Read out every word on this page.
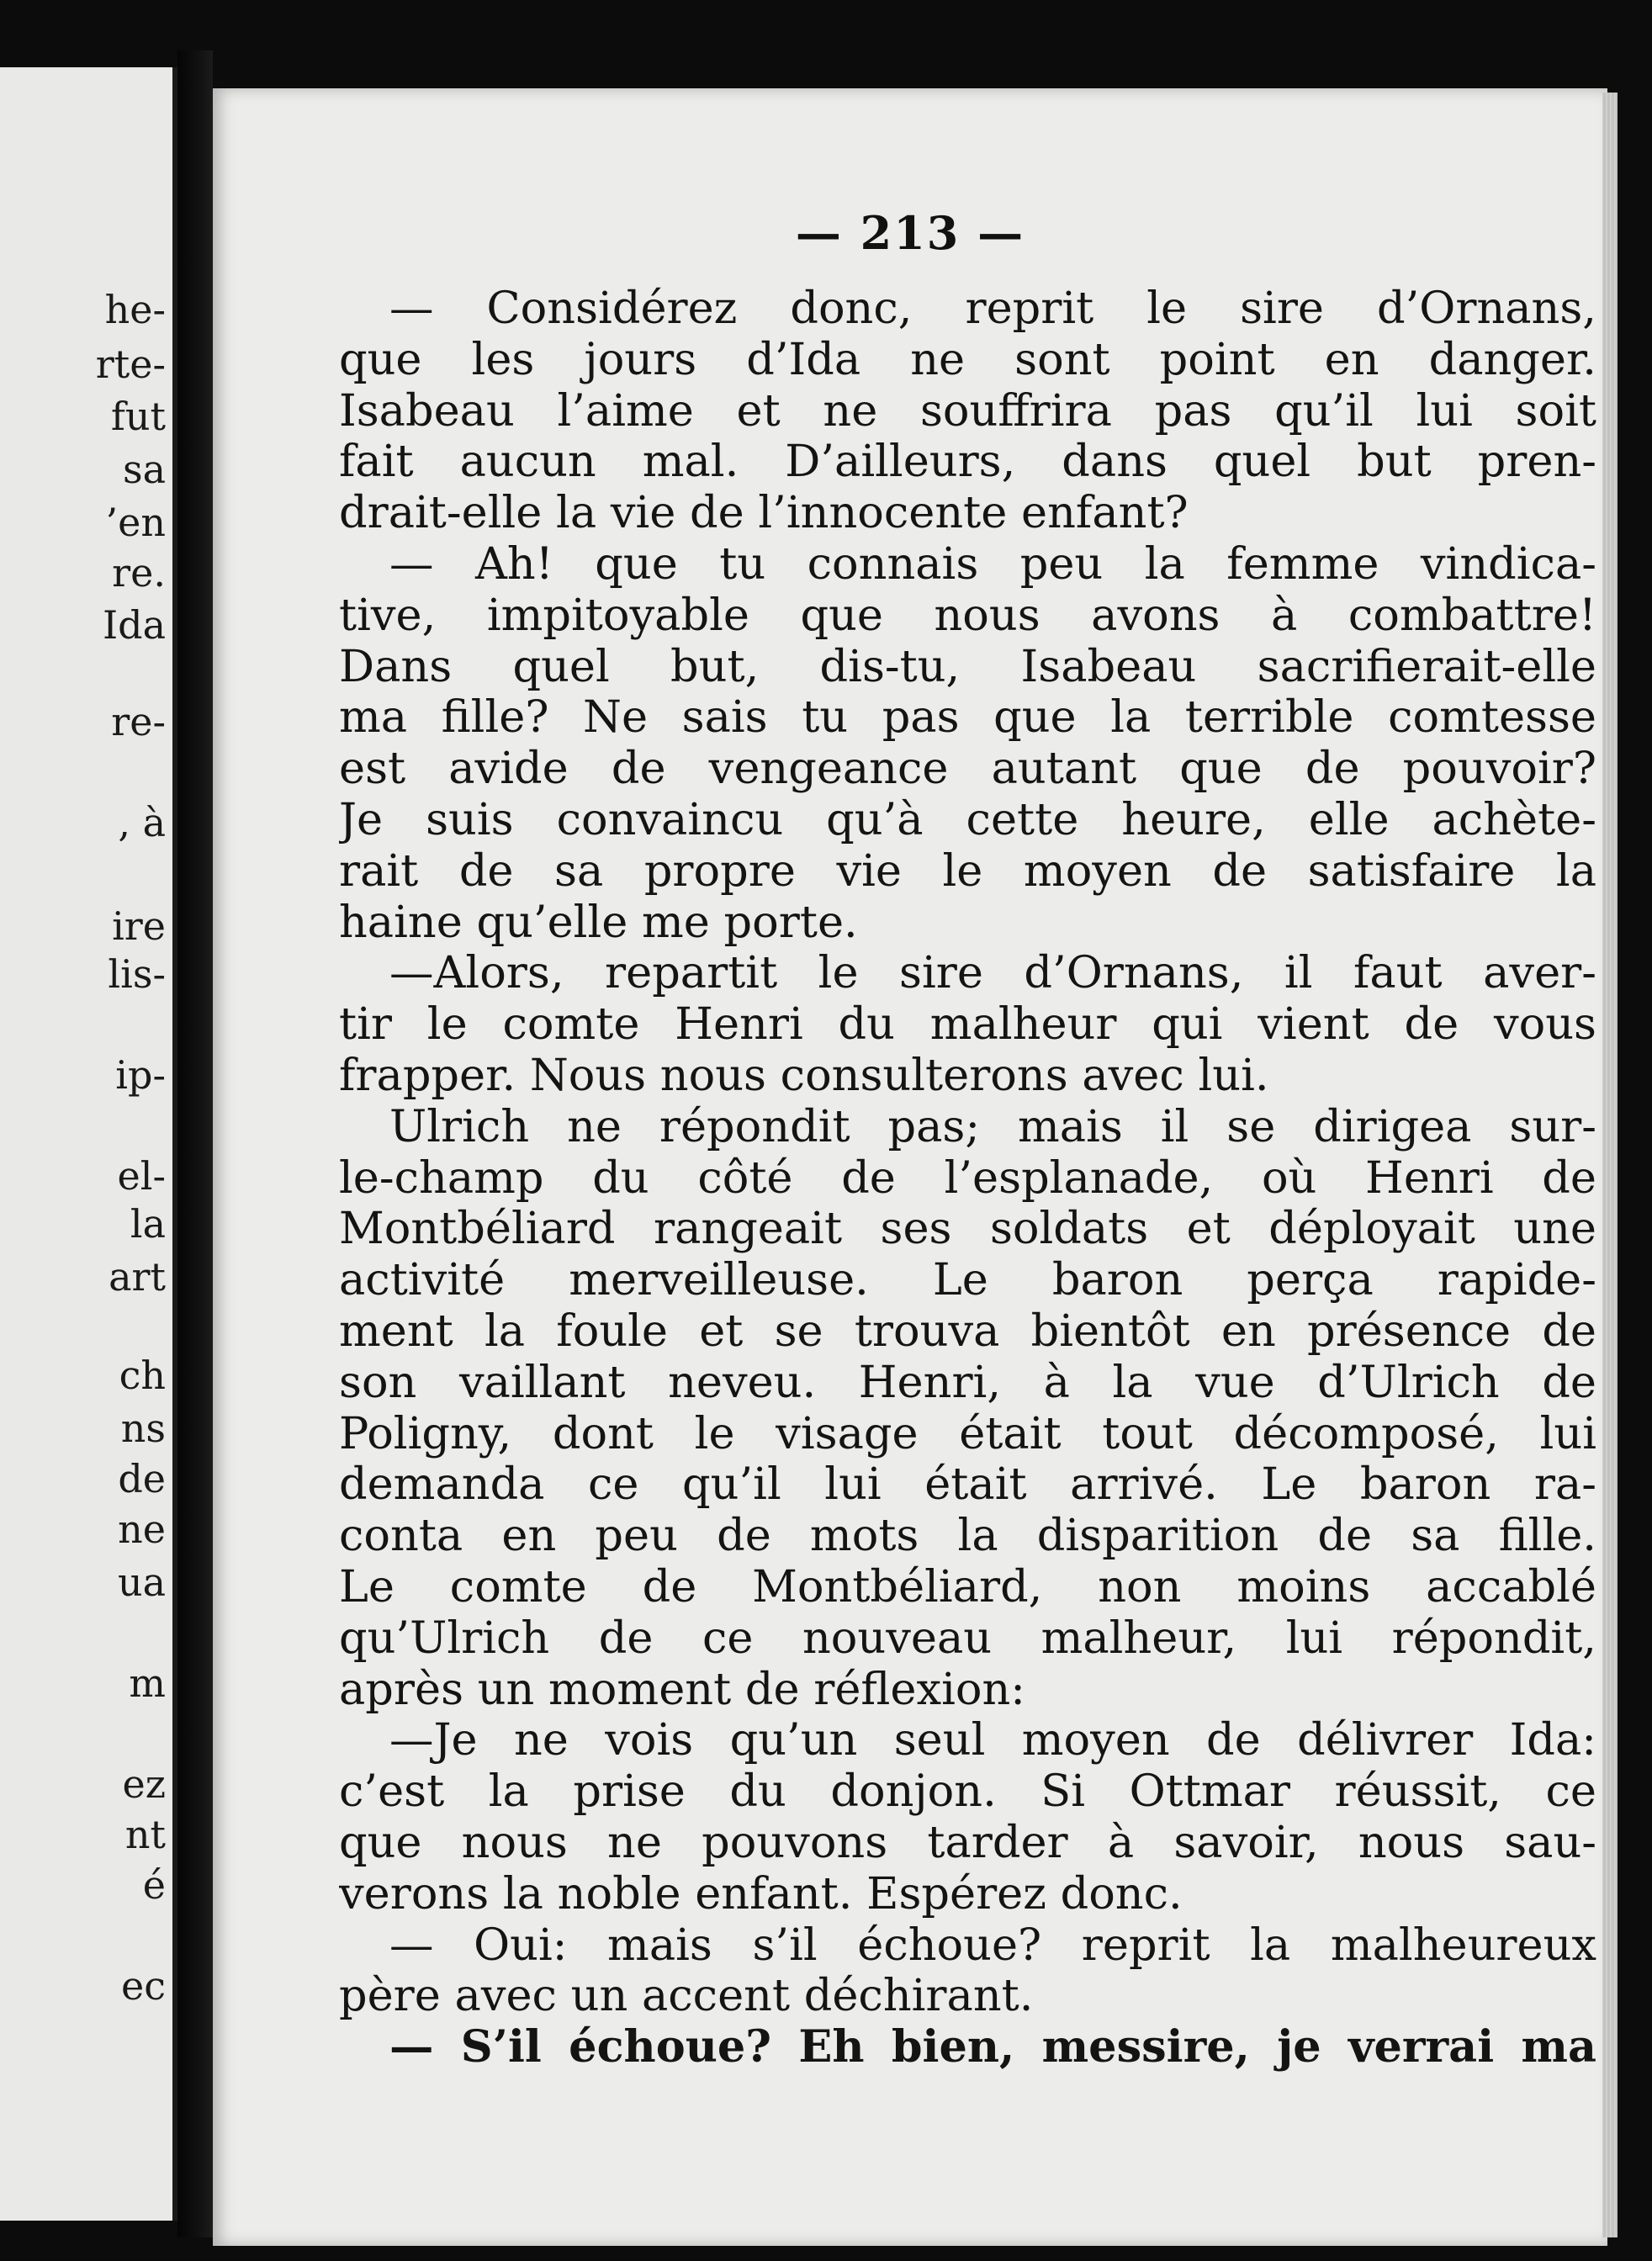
he-
rte-
fut
sa
’en
re.
Ida
re-
, à
ire
lis-
ip-
el-
la
art
ch
ns
de
ne
ua
m
ez
nt
é
ec
— 213 —
— Considérez donc, reprit le sire d’Ornans,
que les jours d’Ida ne sont point en danger.
Isabeau l’aime et ne souffrira pas qu’il lui soit
fait aucun mal. D’ailleurs, dans quel but pren-
drait-elle la vie de l’innocente enfant?
— Ah! que tu connais peu la femme vindica-
tive, impitoyable que nous avons à combattre!
Dans quel but, dis-tu, Isabeau sacrifierait-elle
ma fille? Ne sais tu pas que la terrible comtesse
est avide de vengeance autant que de pouvoir?
Je suis convaincu qu’à cette heure, elle achète-
rait de sa propre vie le moyen de satisfaire la
haine qu’elle me porte.
—Alors, repartit le sire d’Ornans, il faut aver-
tir le comte Henri du malheur qui vient de vous
frapper. Nous nous consulterons avec lui.
Ulrich ne répondit pas; mais il se dirigea sur-
le-champ du côté de l’esplanade, où Henri de
Montbéliard rangeait ses soldats et déployait une
activité merveilleuse. Le baron perça rapide-
ment la foule et se trouva bientôt en présence de
son vaillant neveu. Henri, à la vue d’Ulrich de
Poligny, dont le visage était tout décomposé, lui
demanda ce qu’il lui était arrivé. Le baron ra-
conta en peu de mots la disparition de sa fille.
Le comte de Montbéliard, non moins accablé
qu’Ulrich de ce nouveau malheur, lui répondit,
après un moment de réflexion:
—Je ne vois qu’un seul moyen de délivrer Ida:
c’est la prise du donjon. Si Ottmar réussit, ce
que nous ne pouvons tarder à savoir, nous sau-
verons la noble enfant. Espérez donc.
— Oui: mais s’il échoue? reprit la malheureux
père avec un accent déchirant.
— S’il échoue? Eh bien, messire, je verrai ma
